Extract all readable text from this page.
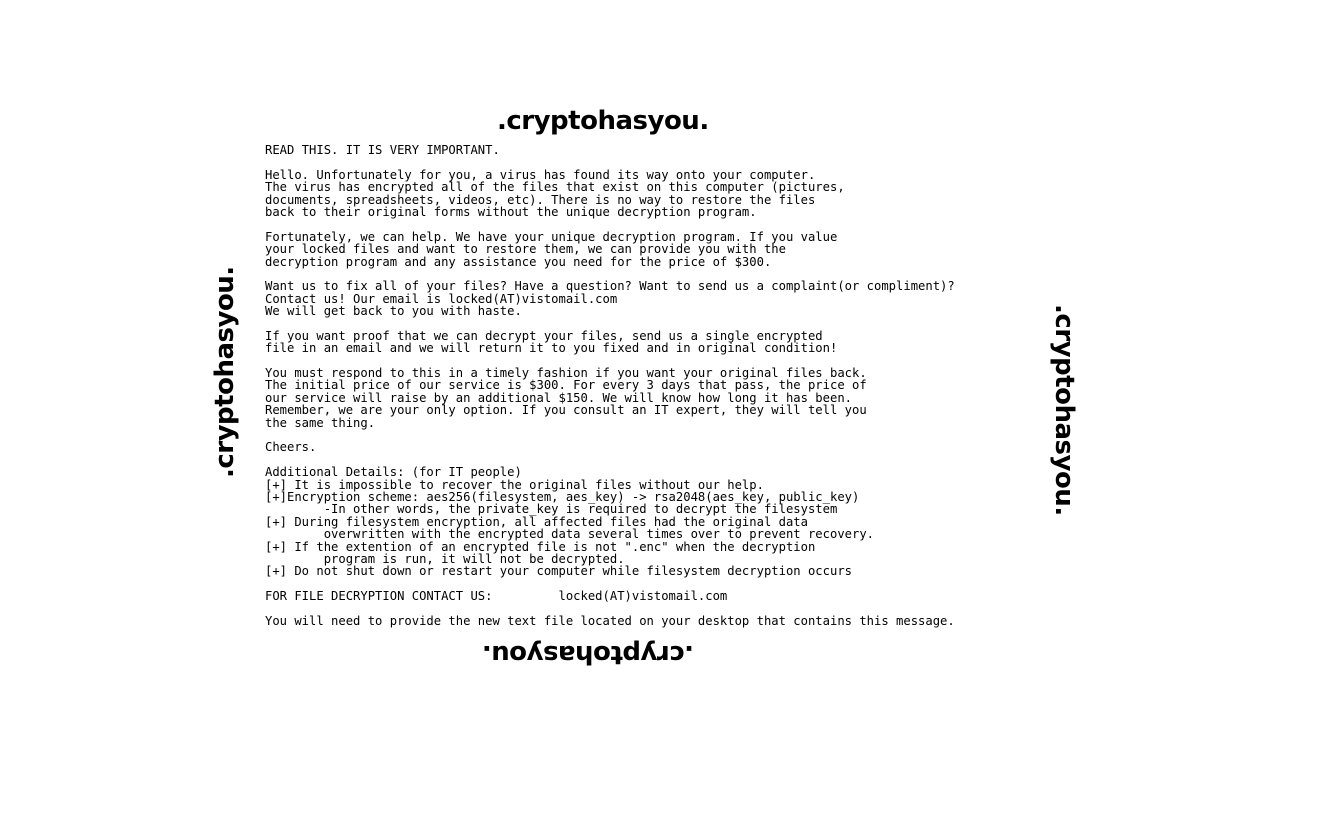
.cryptohasyou.
.cryptohasyou.	.cryptohasyou.
.cryptohasyou.
READ THIS. IT IS VERY IMPORTANT.
Hello. Unfortunately for you, a virus has found its way onto your computer.
The virus has encrypted all of the files that exist on this computer (pictures,
documents, spreadsheets, videos, etc). There is no way to restore the files
back to their original forms without the unique decryption program.
Fortunately, we can help. We have your unique decryption program. If you value
your locked files and want to restore them, we can provide you with the
decryption program and any assistance you need for the price of $300.
Want us to fix all of your files? Have a question? Want to send us a complaint(or compliment)?
Contact us! Our email is locked(AT)vistomail.com
We will get back to you with haste.
If you want proof that we can decrypt your files, send us a single encrypted
file in an email and we will return it to you fixed and in original condition!
You must respond to this in a timely fashion if you want your original files back.
The initial price of our service is $300. For every 3 days that pass, the price of
our service will raise by an additional $150. We will know how long it has been.
Remember, we are your only option. If you consult an IT expert, they will tell you
the same thing.
Cheers.
Additional Details: (for IT people)
[+] It is impossible to recover the original files without our help.
[+]Encryption scheme: aes256(filesystem, aes_key) -> rsa2048(aes_key, public_key)
-In other words, the private_key is required to decrypt the filesystem
[+] During filesystem encryption, all affected files had the original data
overwritten with the encrypted data several times over to prevent recovery.
[+] If the extention of an encrypted file is not ".enc" when the decryption
program is run, it will not be decrypted.
[+] Do not shut down or restart your computer while filesystem decryption occurs
FOR FILE DECRYPTION CONTACT US:         locked(AT)vistomail.com
You will need to provide the new text file located on your desktop that contains this message.
